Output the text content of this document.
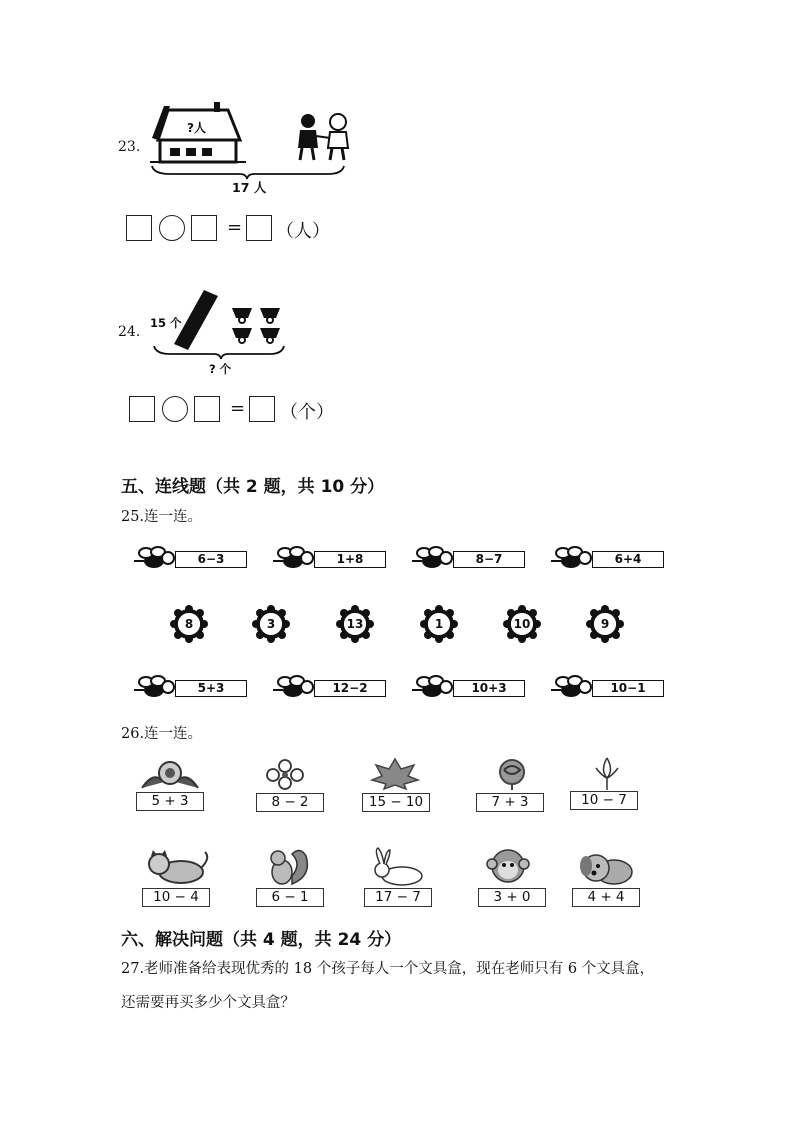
23.
?人
17 人
= （人）
24.
15 个
? 个
= （个）
五、连线题（共 2 题，共 10 分）
25.连一连。
6−3	1+8	8−7	6+4
8	3	13	1	10	9
5+3	12−2	10+3	10−1
26.连一连。
5 + 3	8 − 2	15 − 10	7 + 3	10 − 7
10 − 4	6 − 1	17 − 7	3 + 0	4 + 4
六、解决问题（共 4 题，共 24 分）
27.老师准备给表现优秀的 18 个孩子每人一个文具盒，现在老师只有 6 个文具盒，
还需要再买多少个文具盒？
